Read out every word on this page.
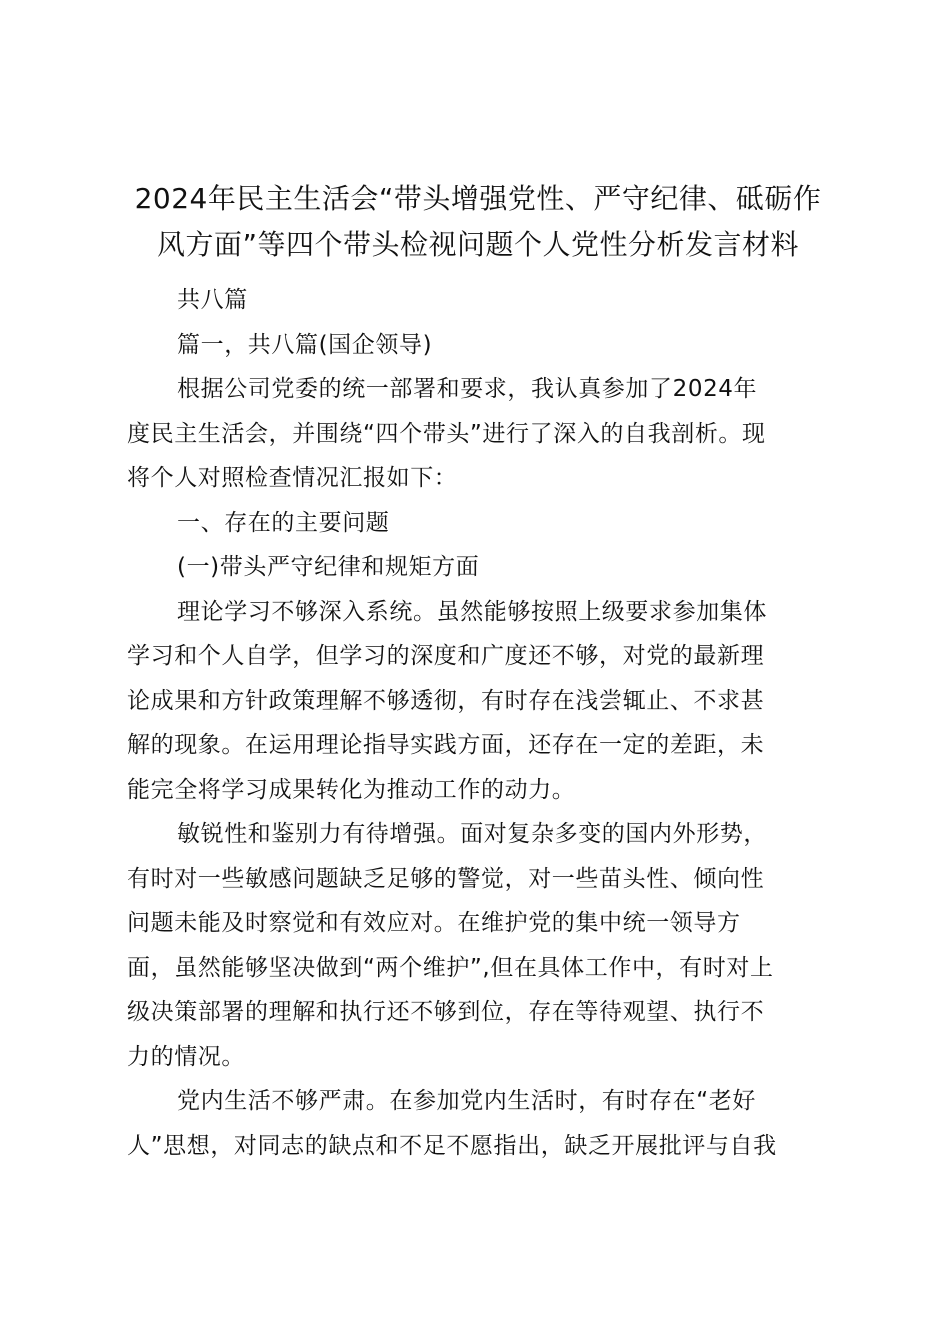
2024年民主生活会“带头增强党性、严守纪律、砥砺作
风方面”等四个带头检视问题个人党性分析发言材料
共八篇
篇一，共八篇(国企领导)
根据公司党委的统一部署和要求，我认真参加了2024年
度民主生活会，并围绕“四个带头”进行了深入的自我剖析。现
将个人对照检查情况汇报如下：
一、存在的主要问题
(一)带头严守纪律和规矩方面
理论学习不够深入系统。虽然能够按照上级要求参加集体
学习和个人自学，但学习的深度和广度还不够，对党的最新理
论成果和方针政策理解不够透彻，有时存在浅尝辄止、不求甚
解的现象。在运用理论指导实践方面，还存在一定的差距，未
能完全将学习成果转化为推动工作的动力。
敏锐性和鉴别力有待增强。面对复杂多变的国内外形势，
有时对一些敏感问题缺乏足够的警觉，对一些苗头性、倾向性
问题未能及时察觉和有效应对。在维护党的集中统一领导方
面，虽然能够坚决做到“两个维护”,但在具体工作中，有时对上
级决策部署的理解和执行还不够到位，存在等待观望、执行不
力的情况。
党内生活不够严肃。在参加党内生活时，有时存在“老好
人”思想，对同志的缺点和不足不愿指出，缺乏开展批评与自我
